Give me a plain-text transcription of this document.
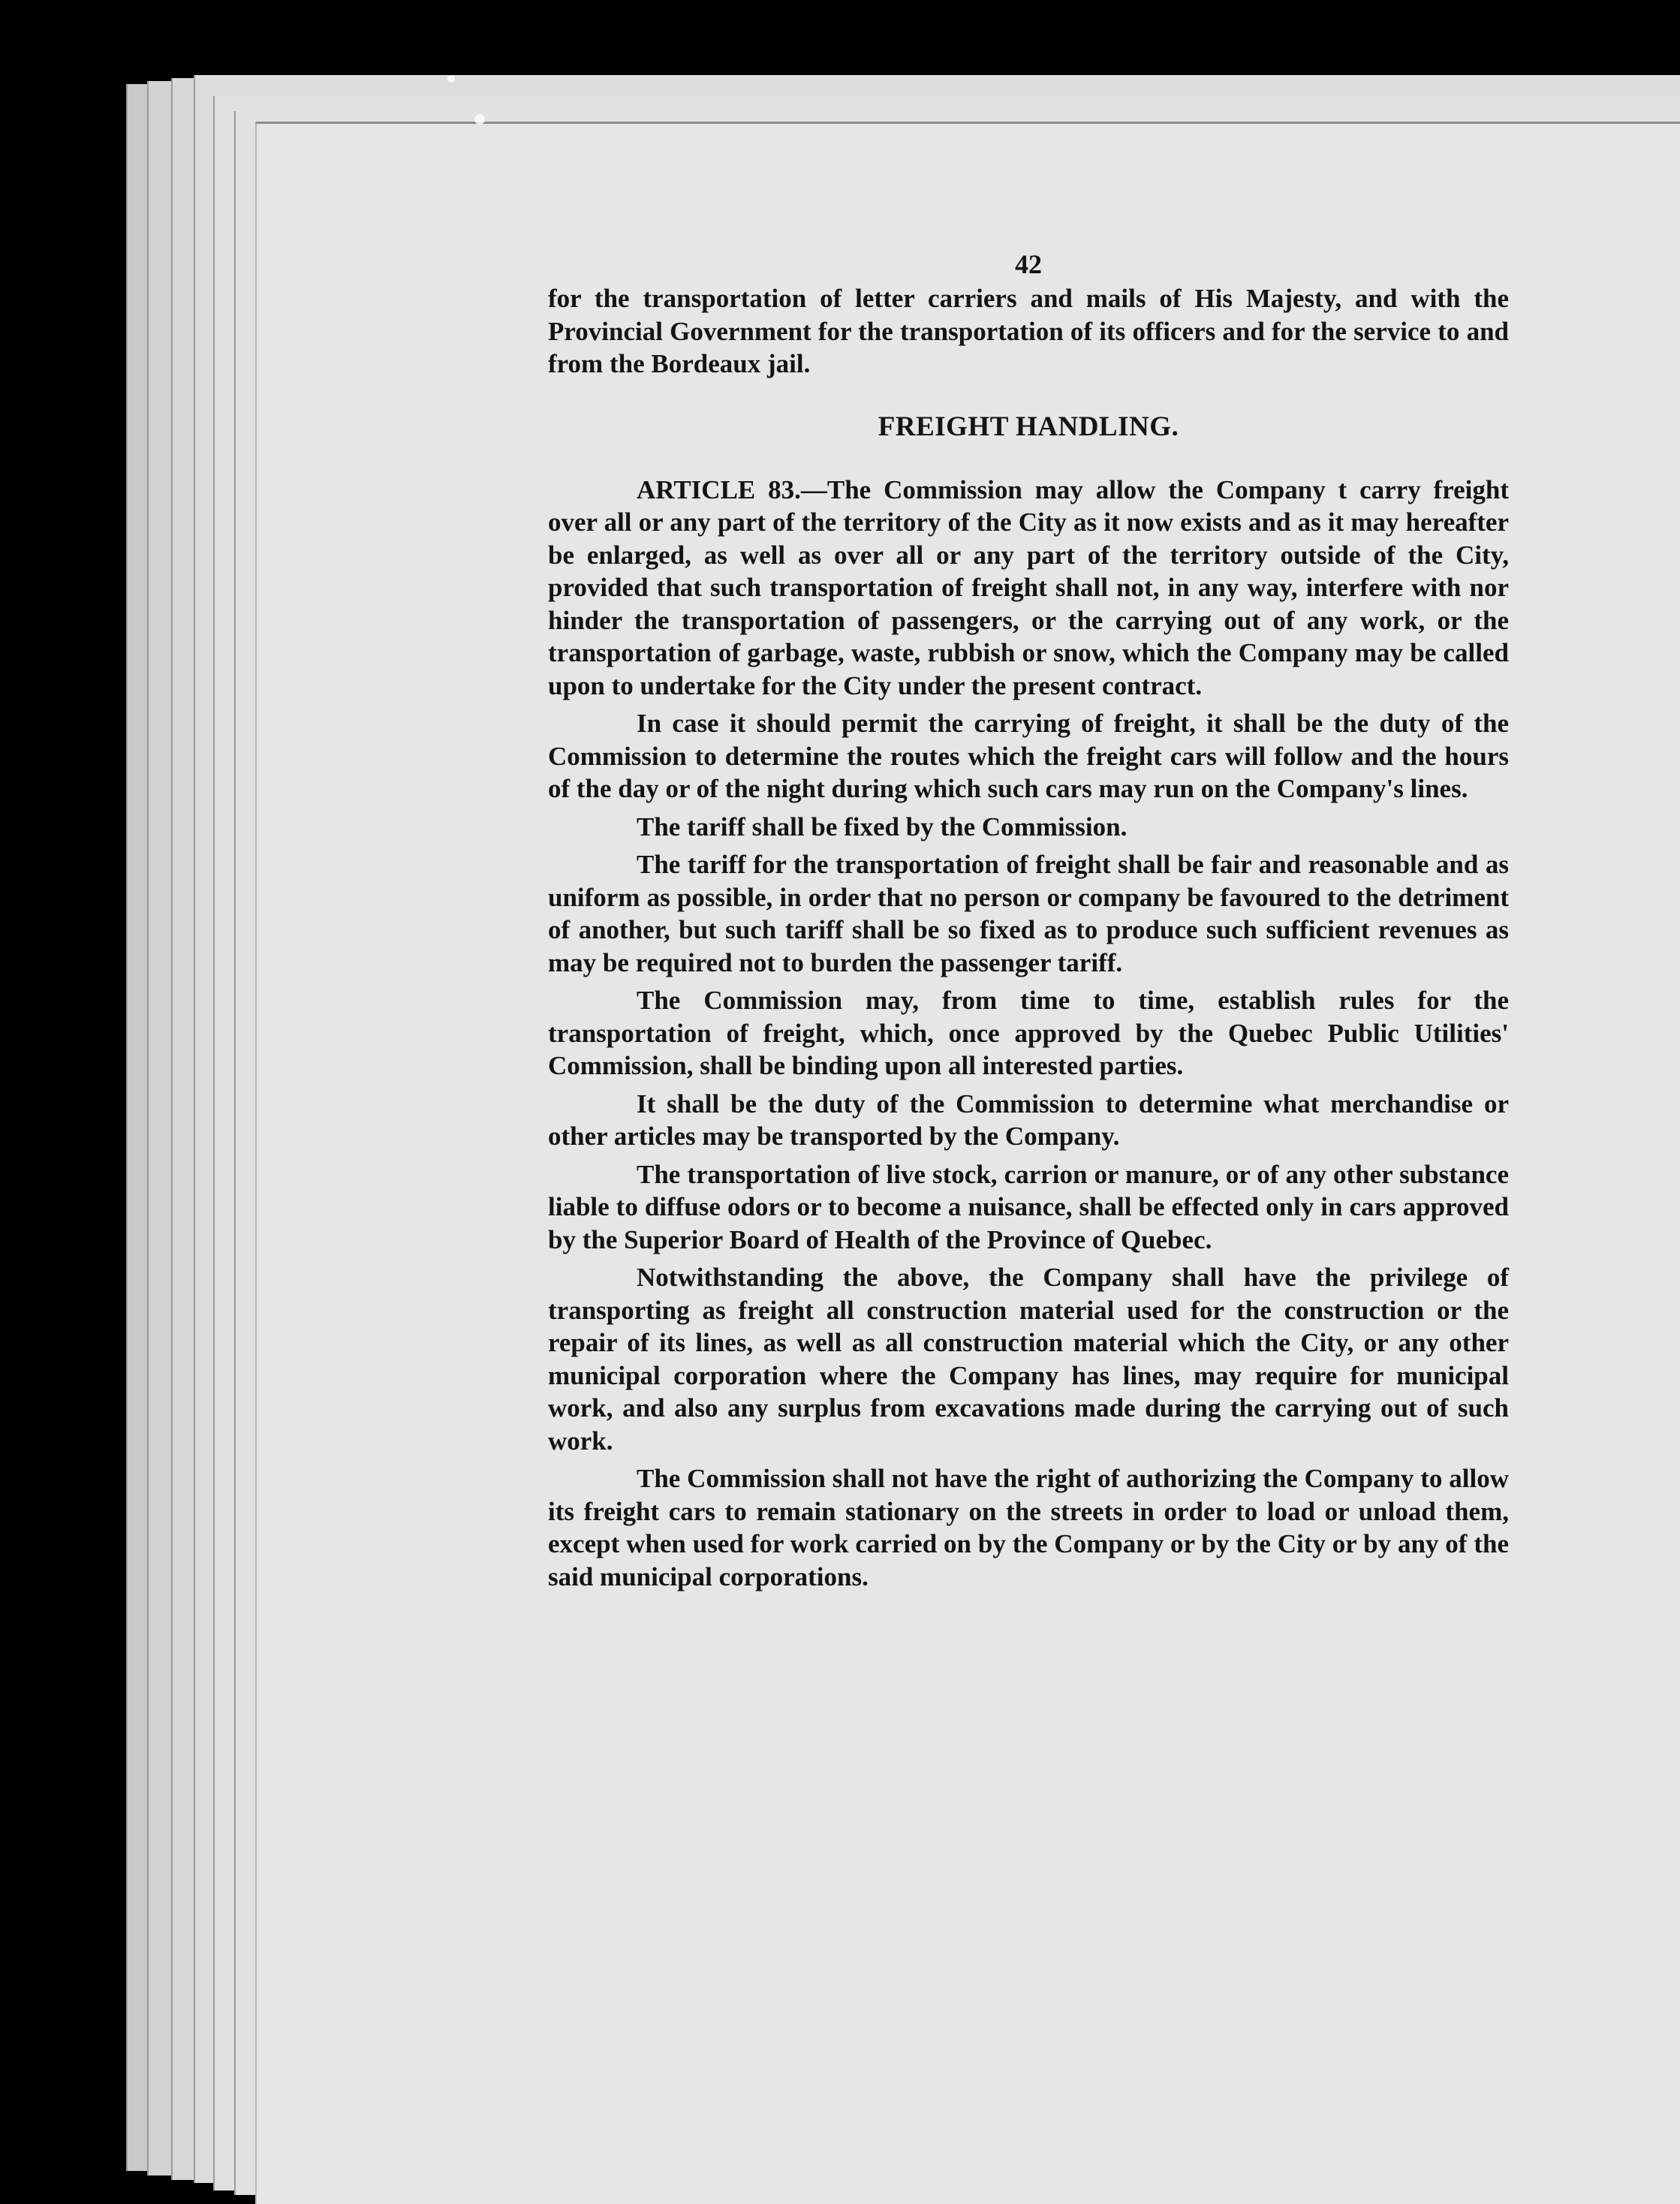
42

for the transportation of letter carriers and mails of His Majesty, and with the Provincial Government for the transportation of its officers and for the service to and from the Bordeaux jail.

FREIGHT HANDLING.

ARTICLE 83.—The Commission may allow the Company t carry freight over all or any part of the territory of the City as it now exists and as it may hereafter be enlarged, as well as over all or any part of the territory outside of the City, provided that such transportation of freight shall not, in any way, interfere with nor hinder the transportation of passengers, or the carrying out of any work, or the transportation of garbage, waste, rubbish or snow, which the Company may be called upon to undertake for the City under the present contract.

In case it should permit the carrying of freight, it shall be the duty of the Commission to determine the routes which the freight cars will follow and the hours of the day or of the night during which such cars may run on the Company's lines.

The tariff shall be fixed by the Commission.

The tariff for the transportation of freight shall be fair and reasonable and as uniform as possible, in order that no person or company be favoured to the detriment of another, but such tariff shall be so fixed as to produce such sufficient revenues as may be required not to burden the passenger tariff.

The Commission may, from time to time, establish rules for the transportation of freight, which, once approved by the Quebec Public Utilities' Commission, shall be binding upon all interested parties.

It shall be the duty of the Commission to determine what merchandise or other articles may be transported by the Company.

The transportation of live stock, carrion or manure, or of any other substance liable to diffuse odors or to become a nuisance, shall be effected only in cars approved by the Superior Board of Health of the Province of Quebec.

Notwithstanding the above, the Company shall have the privilege of transporting as freight all construction material used for the construction or the repair of its lines, as well as all construction material which the City, or any other municipal corporation where the Company has lines, may require for municipal work, and also any surplus from excavations made during the carrying out of such work.

The Commission shall not have the right of authorizing the Company to allow its freight cars to remain stationary on the streets in order to load or unload them, except when used for work carried on by the Company or by the City or by any of the said municipal corporations.
